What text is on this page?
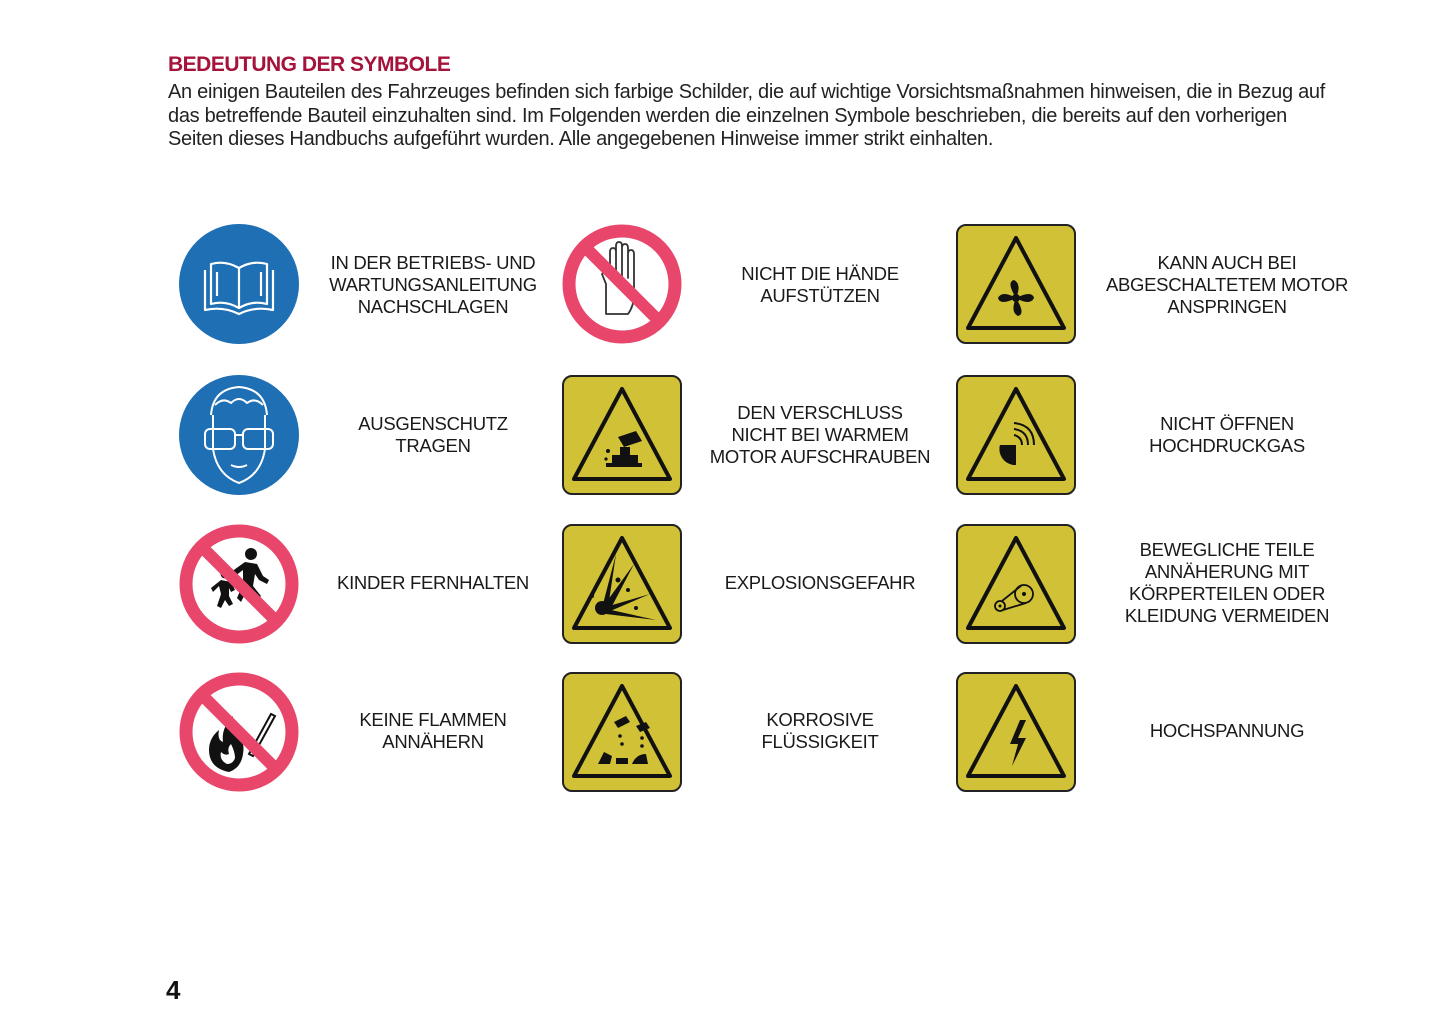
BEDEUTUNG DER SYMBOLE
An einigen Bauteilen des Fahrzeuges befinden sich farbige Schilder, die auf wichtige Vorsichtsmaßnahmen hinweisen, die in Bezug auf das betreffende Bauteil einzuhalten sind. Im Folgenden werden die einzelnen Symbole beschrieben, die bereits auf den vorherigen Seiten dieses Handbuchs aufgeführt wurden. Alle angegebenen Hinweise immer strikt einhalten.
IN DER BETRIEBS- UND
WARTUNGSANLEITUNG
NACHSCHLAGEN
NICHT DIE HÄNDE
AUFSTÜTZEN
KANN AUCH BEI
ABGESCHALTETEM MOTOR
ANSPRINGEN
AUSGENSCHUTZ
TRAGEN
DEN VERSCHLUSS
NICHT BEI WARMEM
MOTOR AUFSCHRAUBEN
NICHT ÖFFNEN
HOCHDRUCKGAS
KINDER FERNHALTEN	EXPLOSIONSGEFAHR
BEWEGLICHE TEILE
ANNÄHERUNG MIT
KÖRPERTEILEN ODER
KLEIDUNG VERMEIDEN
KEINE FLAMMEN
ANNÄHERN
KORROSIVE
FLÜSSIGKEIT
HOCHSPANNUNG
4
